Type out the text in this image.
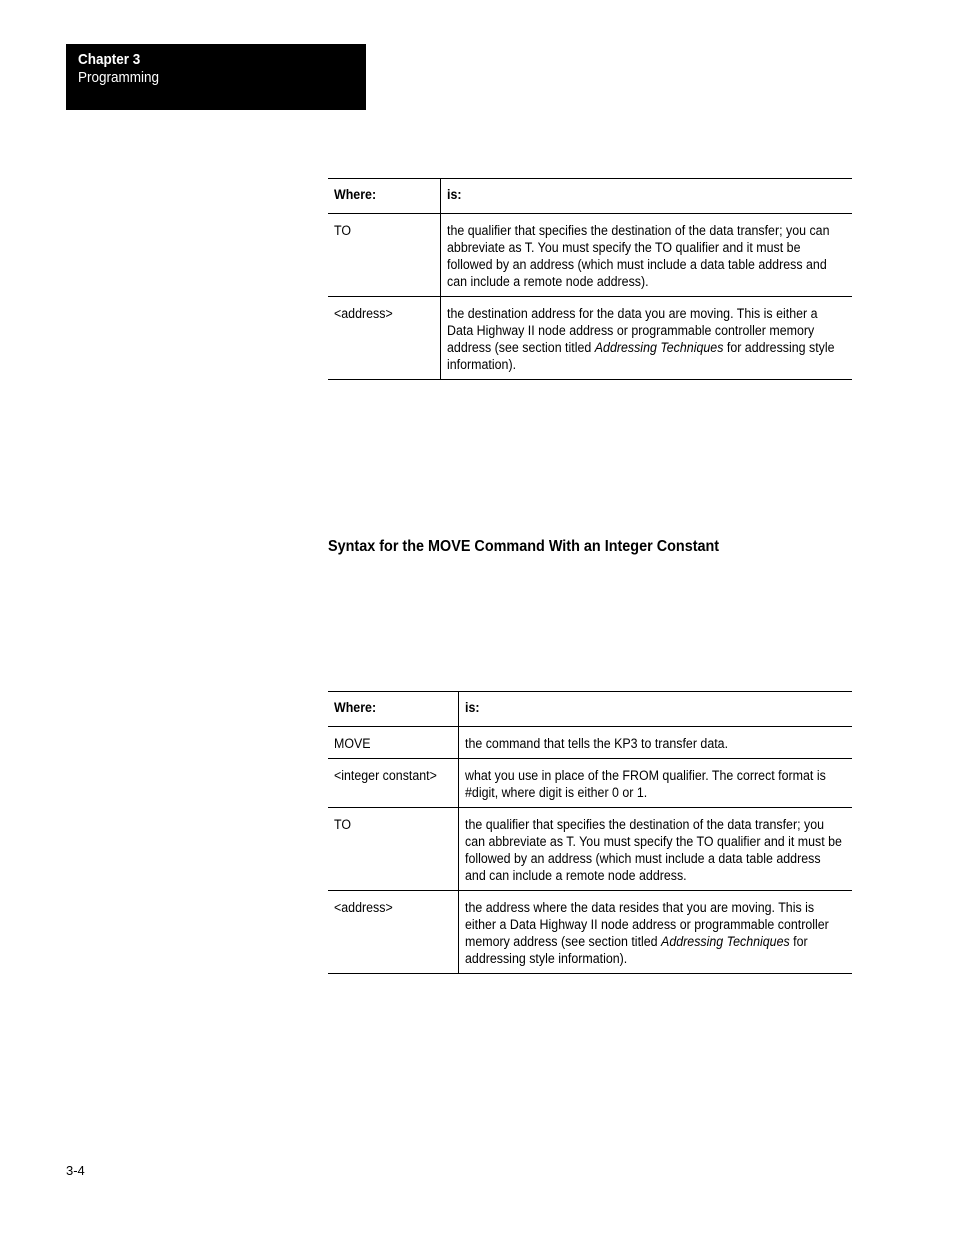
Chapter 3
Programming
Where:	is:
TO	the qualifier that specifies the destination of the data transfer; you can abbreviate as T. You must specify the TO qualifier and it must be followed by an address (which must include a data table address and can include a remote node address).
<address>	the destination address for the data you are moving. This is either a Data Highway II node address or programmable controller memory address (see section titled Addressing Techniques for addressing style information).
Syntax for the MOVE Command With an Integer Constant
Where:	is:
MOVE	the command that tells the KP3 to transfer data.
<integer constant>	what you use in place of the FROM qualifier. The correct format is #digit, where digit is either 0 or 1.
TO	the qualifier that specifies the destination of the data transfer; you can abbreviate as T. You must specify the TO qualifier and it must be followed by an address (which must include a data table address and can include a remote node address.
<address>	the address where the data resides that you are moving. This is either a Data Highway II node address or programmable controller memory address (see section titled Addressing Techniques for addressing style information).
3-4
